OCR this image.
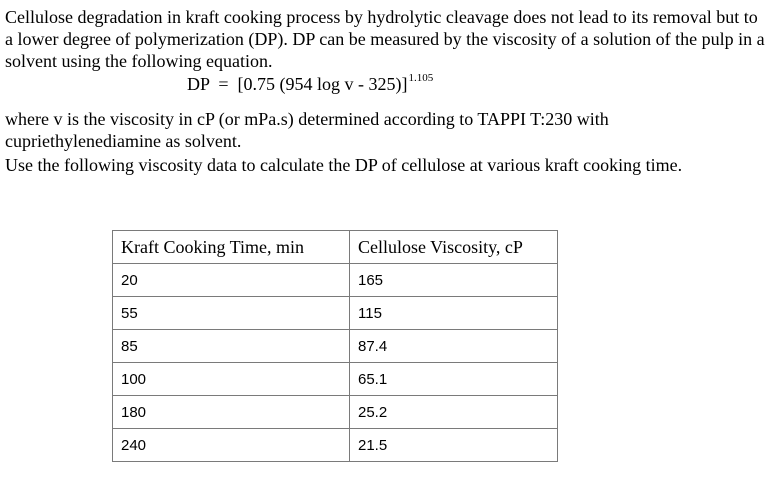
Cellulose degradation in kraft cooking process by hydrolytic cleavage does not lead to its removal but to a lower degree of polymerization (DP). DP can be measured by the viscosity of a solution of the pulp in a solvent using the following equation.

DP = [0.75 (954 log v - 325)]$^{1.105}$

where v is the viscosity in cP (or mPa.s) determined according to TAPPI T:230 with cupriethylenediamine as solvent.

Use the following viscosity data to calculate the DP of cellulose at various kraft cooking time.

Kraft Cooking Time, min	Cellulose Viscosity, cP
20	165
55	115
85	87.4
100	65.1
180	25.2
240	21.5
